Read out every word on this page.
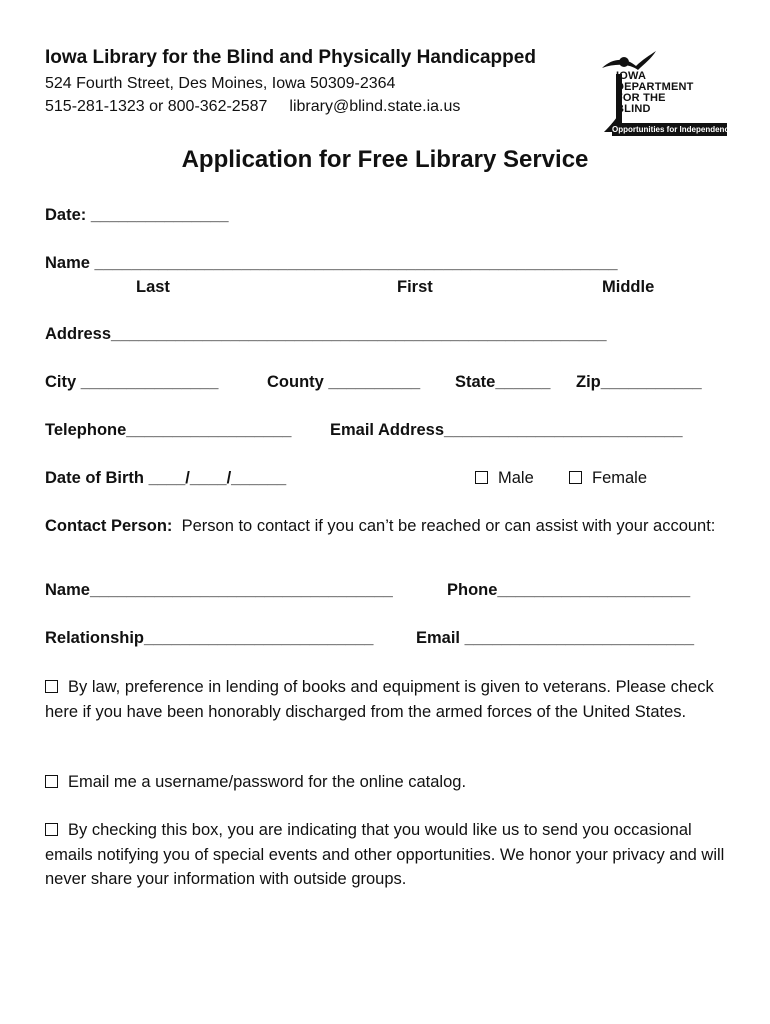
Iowa Library for the Blind and Physically Handicapped
524 Fourth Street, Des Moines, Iowa 50309-2364
515-281-1323 or 800-362-2587 library@blind.state.ia.us
IOWA
DEPARTMENT
FOR THE
BLIND
Opportunities for Independence
Application for Free Library Service
Date: _______________
Name _________________________________________________________
Last	First	Middle
Address______________________________________________________
City _______________	County __________ State______ Zip___________
Telephone__________________ Email Address__________________________
Date of Birth ____/____/______	Male	Female
Contact Person: Person to contact if you can’t be reached or can assist with your account:
Name_________________________________	Phone_____________________
Relationship_________________________	Email _________________________
By law, preference in lending of books and equipment is given to veterans. Please check here if you have been honorably discharged from the armed forces of the United States.
Email me a username/password for the online catalog.
By checking this box, you are indicating that you would like us to send you occasional emails notifying you of special events and other opportunities. We honor your privacy and will never share your information with outside groups.
